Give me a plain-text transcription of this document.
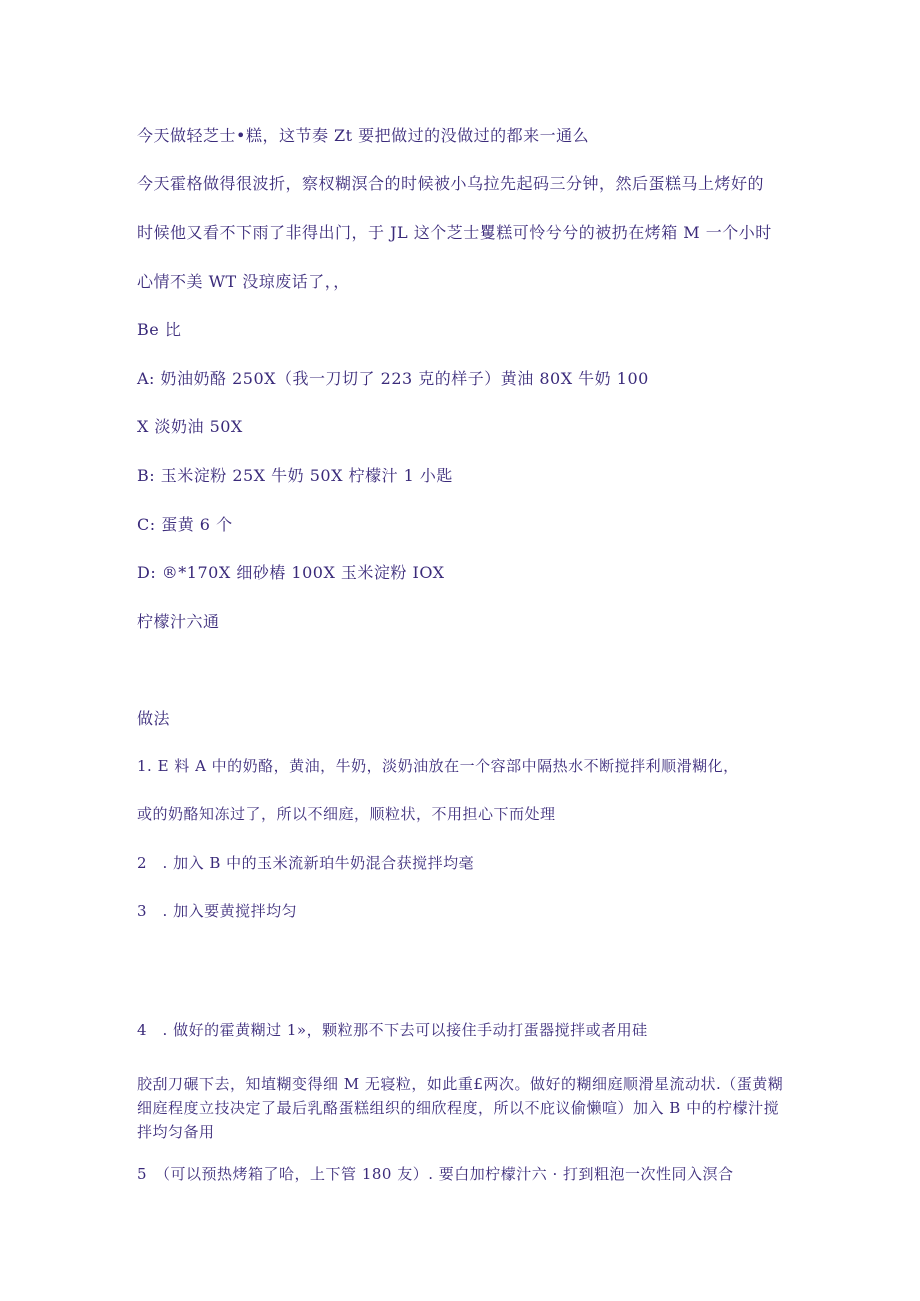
今天做轻芝士•糕，这节奏 Zt 要把做过的没做过的都来一通么

今天霍格做得很波折，察杈糊溟合的时候被小乌拉先起码三分钟，然后蛋糕马上烤好的

时候他又看不下雨了非得出门，于 JL 这个芝士矍糕可怜兮兮的被扔在烤箱 M 一个小时

心情不美 WT 没琼废话了，，

Be 比

A: 奶油奶酪 250X（我一刀切了 223 克的样子）黄油 80X 牛奶 100

X 淡奶油 50X

B: 玉米淀粉 25X 牛奶 50X 柠檬汁 1 小匙

C: 蛋黄 6 个

D: ®*170X 细砂樁 100X 玉米淀粉 IOX

柠檬汁六通

做法

1. E 料 A 中的奶酪，黄油，牛奶，淡奶油放在一个容部中隔热水不断搅拌利顺滑糊化，

或的奶酪知冻过了，所以不细庭，顺粒状，不用担心下而处理

2　. 加入 B 中的玉米流新珀牛奶混合获搅拌均毫

3　. 加入要黄搅拌均匀

4　. 做好的霍黄糊过 1»，颗粒那不下去可以接住手动打蛋器搅拌或者用硅

胶刮刀碾下去，知埴糊变得细 M 无寝粒，如此重£两次。做好的糊细庭顺滑星流动状.（蛋黄糊细庭程度立技决定了最后乳酪蛋糕组织的细欣程度，所以不庇议偷懒喧）加入 B 中的柠檬汁搅拌均匀备用

5　（可以预热烤箱了哈，上下管 180 友）. 要白加柠檬汁六 · 打到粗泡一次性同入溟合
